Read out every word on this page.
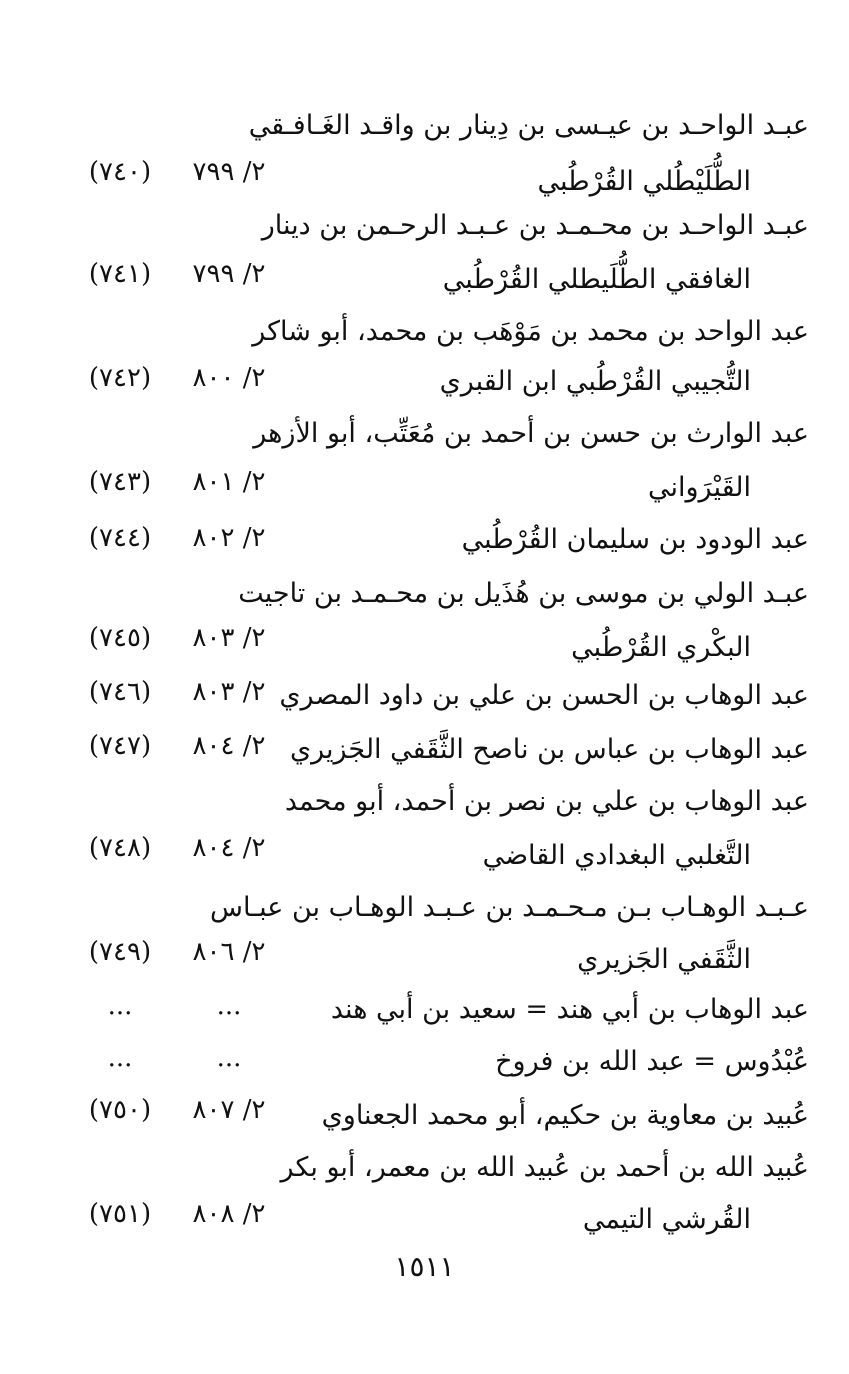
عبـد الواحـد بن عيـسى بن دِينار بن واقـد الغَـافـقي
الطُّلَيْطُلي القُرْطُبي
٢/ ٧٩٩
(٧٤٠)
عبـد الواحـد بن محـمـد بن عـبـد الرحـمن بن دينار
الغافقي الطُّلَيطلي القُرْطُبي
٢/ ٧٩٩
(٧٤١)
عبد الواحد بن محمد بن مَوْهَب بن محمد، أبو شاكر
التُّجيبي القُرْطُبي ابن القبري
٢/ ٨٠٠
(٧٤٢)
عبد الوارث بن حسن بن أحمد بن مُعَتِّب، أبو الأزهر
القَيْرَواني
٢/ ٨٠١
(٧٤٣)
عبد الودود بن سليمان القُرْطُبي
٢/ ٨٠٢
(٧٤٤)
عبـد الولي بن موسى بن هُذَيل بن محـمـد بن تاجيت
البكْري القُرْطُبي
٢/ ٨٠٣
(٧٤٥)
عبد الوهاب بن الحسن بن علي بن داود المصري
٢/ ٨٠٣
(٧٤٦)
عبد الوهاب بن عباس بن ناصح الثَّقَفي الجَزيري
٢/ ٨٠٤
(٧٤٧)
عبد الوهاب بن علي بن نصر بن أحمد، أبو محمد
التَّغلبي البغدادي القاضي
٢/ ٨٠٤
(٧٤٨)
عـبـد الوهـاب بـن مـحـمـد بن عـبـد الوهـاب بن عبـاس
الثَّقَفي الجَزيري
٢/ ٨٠٦
(٧٤٩)
عبد الوهاب بن أبي هند = سعيد بن أبي هند
...
...
عُبْدُوس = عبد الله بن فروخ
...
...
عُبيد بن معاوية بن حكيم، أبو محمد الجعناوي
٢/ ٨٠٧
(٧٥٠)
عُبيد الله بن أحمد بن عُبيد الله بن معمر، أبو بكر
القُرشي التيمي
٢/ ٨٠٨
(٧٥١)
١٥١١
